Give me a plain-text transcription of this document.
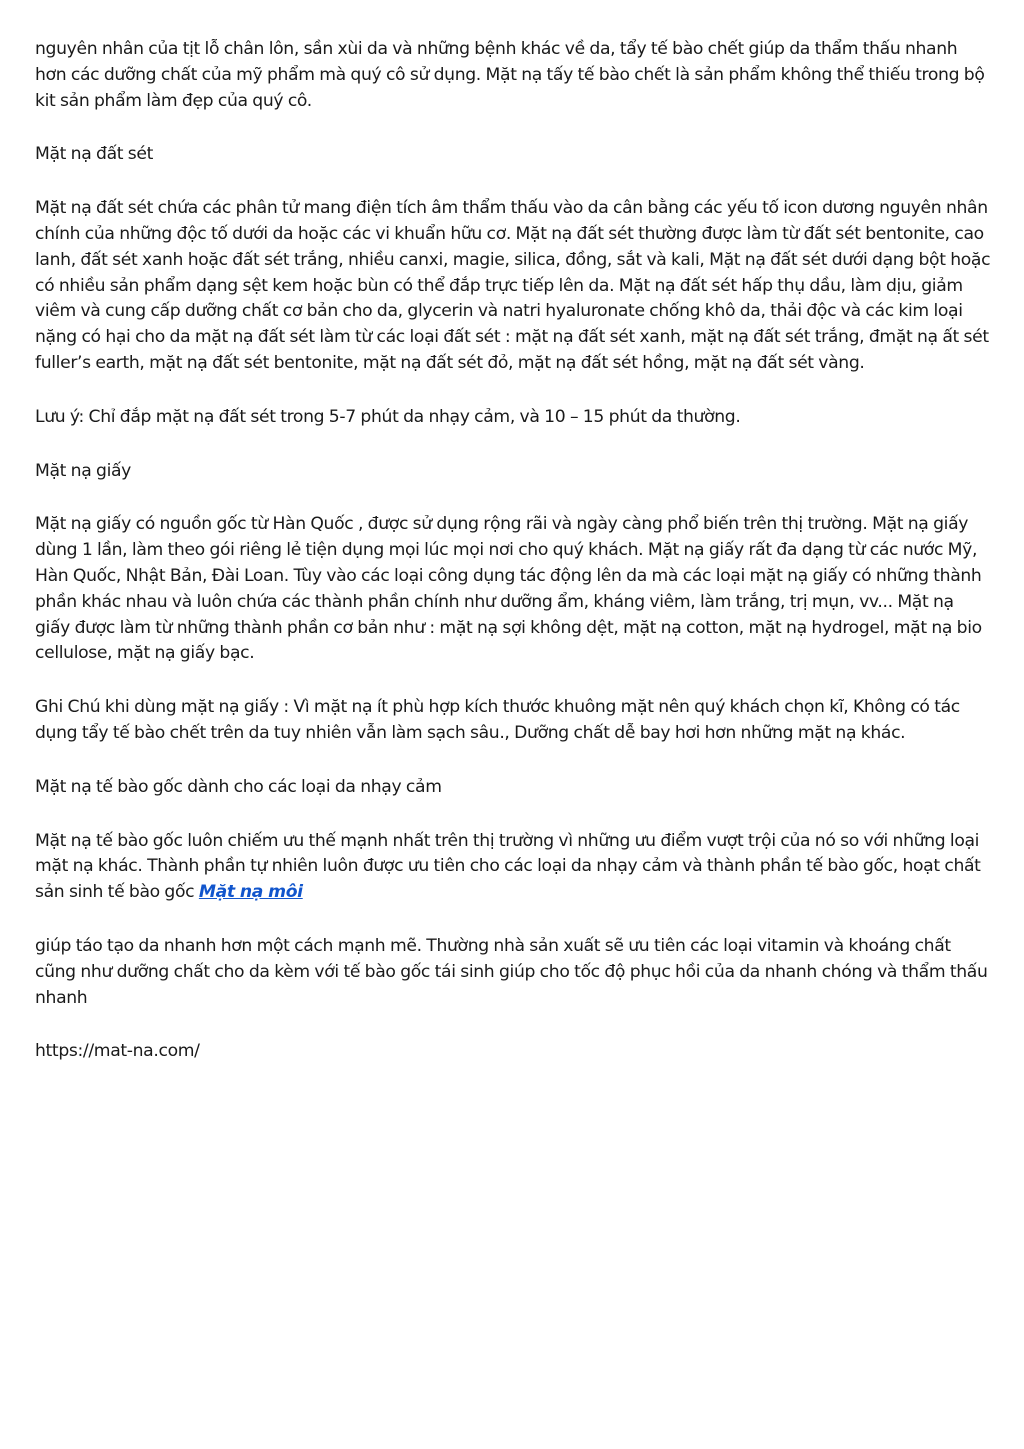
nguyên nhân của tịt lỗ chân lôn, sần xùi da và những bệnh khác về da, tẩy tế bào chết giúp da thẩm thấu nhanh hơn các dưỡng chất của mỹ phẩm mà quý cô sử dụng. Mặt nạ tấy tế bào chết là sản phẩm không thể thiếu trong bộ kit sản phẩm làm đẹp của quý cô.

Mặt nạ đất sét

Mặt nạ đất sét chứa các phân tử mang điện tích âm thẩm thấu vào da cân bằng các yếu tố icon dương nguyên nhân chính của những độc tố dưới da hoặc các vi khuẩn hữu cơ. Mặt nạ đất sét thường được làm từ đất sét bentonite, cao lanh, đất sét xanh hoặc đất sét trắng, nhiều canxi, magie, silica, đồng, sắt và kali, Mặt nạ đất sét dưới dạng bột hoặc có nhiều sản phẩm dạng sệt kem hoặc bùn có thể đắp trực tiếp lên da. Mặt nạ đất sét hấp thụ dầu, làm dịu, giảm viêm và cung cấp dưỡng chất cơ bản cho da, glycerin và natri hyaluronate chống khô da, thải độc và các kim loại nặng có hại cho da mặt nạ đất sét làm từ các loại đất sét : mặt nạ đất sét xanh, mặt nạ đất sét trắng, đmặt nạ ất sét fuller’s earth, mặt nạ đất sét bentonite, mặt nạ đất sét đỏ, mặt nạ đất sét hồng, mặt nạ đất sét vàng.

Lưu ý: Chỉ đắp mặt nạ đất sét trong 5-7 phút da nhạy cảm, và 10 – 15 phút da thường.

Mặt nạ giấy

Mặt nạ giấy có nguồn gốc từ Hàn Quốc , được sử dụng rộng rãi và ngày càng phổ biến trên thị trường. Mặt nạ giấy dùng 1 lần, làm theo gói riêng lẻ tiện dụng mọi lúc mọi nơi cho quý khách. Mặt nạ giấy rất đa dạng từ các nước Mỹ, Hàn Quốc, Nhật Bản, Đài Loan. Tùy vào các loại công dụng tác động lên da mà các loại mặt nạ giấy có những thành phần khác nhau và luôn chứa các thành phần chính như dưỡng ẩm, kháng viêm, làm trắng, trị mụn, vv... Mặt nạ giấy được làm từ những thành phần cơ bản như : mặt nạ sợi không dệt, mặt nạ cotton, mặt nạ hydrogel, mặt nạ bio cellulose, mặt nạ giấy bạc.

Ghi Chú khi dùng mặt nạ giấy : Vì mặt nạ ít phù hợp kích thước khuông mặt nên quý khách chọn kĩ, Không có tác dụng tẩy tế bào chết trên da tuy nhiên vẫn làm sạch sâu., Dưỡng chất dễ bay hơi hơn những mặt nạ khác.

Mặt nạ tế bào gốc dành cho các loại da nhạy cảm

Mặt nạ tế bào gốc luôn chiếm ưu thế mạnh nhất trên thị trường vì những ưu điểm vượt trội của nó so với những loại mặt nạ khác. Thành phần tự nhiên luôn được ưu tiên cho các loại da nhạy cảm và thành phần tế bào gốc, hoạt chất sản sinh tế bào gốc Mặt nạ môi

giúp táo tạo da nhanh hơn một cách mạnh mẽ. Thường nhà sản xuất sẽ ưu tiên các loại vitamin và khoáng chất cũng như dưỡng chất cho da kèm với tế bào gốc tái sinh giúp cho tốc độ phục hồi của da nhanh chóng và thẩm thấu nhanh

https://mat-na.com/
